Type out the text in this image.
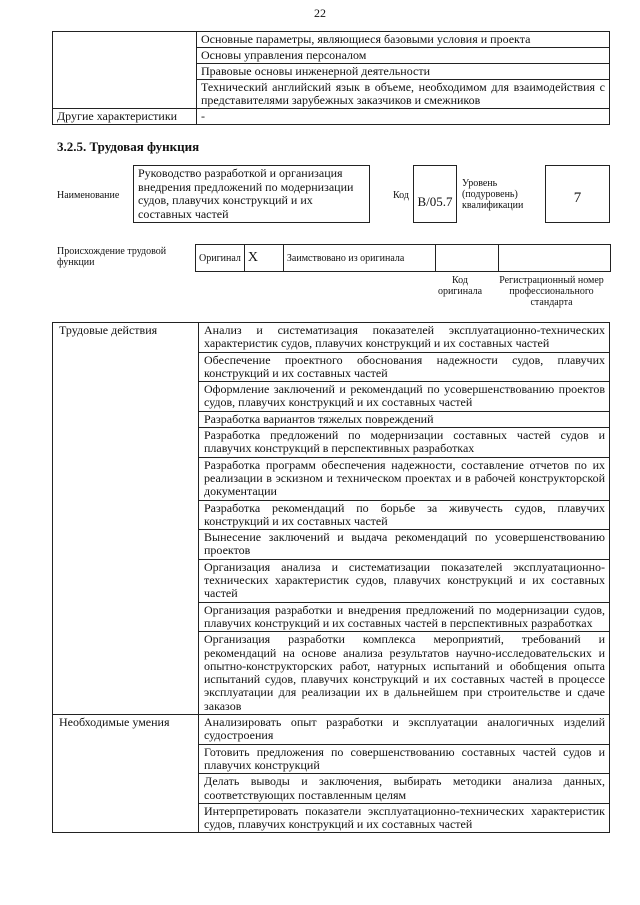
22
	Основные параметры, являющиеся базовыми условия и проекта
	Основы управления персоналом
	Правовые основы инженерной деятельности
	Технический английский язык в объеме, необходимом для взаимодействия с представителями зарубежных заказчиков и смежников
Другие характеристики	-
3.2.5. Трудовая функция
Наименование
Руководство разработкой и организация внедрения предложений по модернизации судов, плавучих конструкций и их составных частей
Код B/05.7
Уровень (подуровень) квалификации	7
Происхождение трудовой функции	Оригинал	X	Заимствовано из оригинала		
Код оригинала
Регистрационный номер профессионального стандарта
Трудовые действия	Анализ и систематизация показателей эксплуатационно-технических характеристик судов, плавучих конструкций и их составных частей
	Обеспечение проектного обоснования надежности судов, плавучих конструкций и их составных частей
	Оформление заключений и рекомендаций по усовершенствованию проектов судов, плавучих конструкций и их составных частей
	Разработка вариантов тяжелых повреждений
	Разработка предложений по модернизации составных частей судов и плавучих конструкций в перспективных разработках
	Разработка программ обеспечения надежности, составление отчетов по их реализации в эскизном и техническом проектах и в рабочей конструкторской документации
	Разработка рекомендаций по борьбе за живучесть судов, плавучих конструкций и их составных частей
	Вынесение заключений и выдача рекомендаций по усовершенствованию проектов
	Организация анализа и систематизации показателей эксплуатационно-технических характеристик судов, плавучих конструкций и их составных частей
	Организация разработки и внедрения предложений по модернизации судов, плавучих конструкций и их составных частей в перспективных разработках
	Организация разработки комплекса мероприятий, требований и рекомендаций на основе анализа результатов научно-исследовательских и опытно-конструкторских работ, натурных испытаний и обобщения опыта испытаний судов, плавучих конструкций и их составных частей в процессе эксплуатации для реализации их в дальнейшем при строительстве и сдаче заказов
Необходимые умения	Анализировать опыт разработки и эксплуатации аналогичных изделий судостроения
	Готовить предложения по совершенствованию составных частей судов и плавучих конструкций
	Делать выводы и заключения, выбирать методики анализа данных, соответствующих поставленным целям
	Интерпретировать показатели эксплуатационно-технических характеристик судов, плавучих конструкций и их составных частей
